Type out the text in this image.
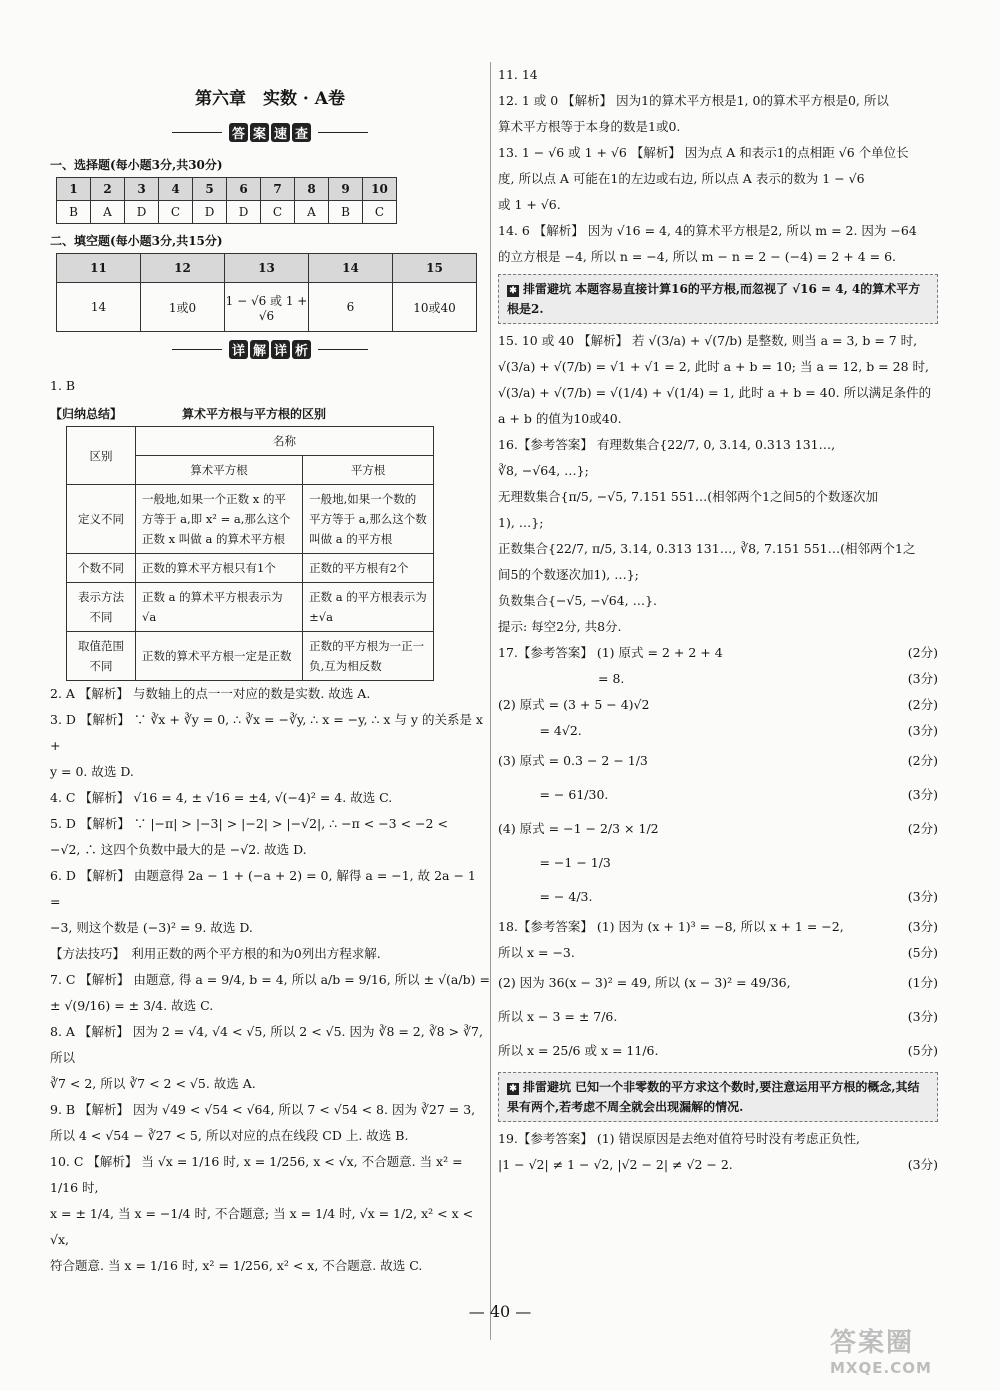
第六章　实数 · A卷
答 案 速 查
一、选择题(每小题3分,共30分)
1	2	3	4	5	6	7	8	9	10
B	A	D	C	D	D	C	A	B	C
二、填空题(每小题3分,共15分)
11	12	13	14	15
14	1或0	1 − √6 或 1 + √6	6	10或40
详 解 详 析

1. B

【归纳总结】	算术平方根与平方根的区别
区别	名称	
	算术平方根	平方根
定义不同	一般地,如果一个正数 x 的平方等于 a,即 x² = a,那么这个正数 x 叫做 a 的算术平方根	一般地,如果一个数的平方等于 a,那么这个数叫做 a 的平方根
个数不同	正数的算术平方根只有1个	正数的平方根有2个
表示方法不同	正数 a 的算术平方根表示为 √a	正数 a 的平方根表示为 ±√a
取值范围不同	正数的算术平方根一定是正数	正数的平方根为一正一负,互为相反数

2. A 【解析】 与数轴上的点一一对应的数是实数. 故选 A.

3. D 【解析】 ∵ ∛x + ∛y = 0, ∴ ∛x = −∛y, ∴ x = −y, ∴ x 与 y 的关系是 x +

y = 0. 故选 D.

4. C 【解析】 √16 = 4, ± √16 = ±4, √(−4)² = 4. 故选 C.

5. D 【解析】 ∵ |−π| > |−3| > |−2| > |−√2|, ∴ −π < −3 < −2 <

−√2, ∴ 这四个负数中最大的是 −√2. 故选 D.

6. D 【解析】 由题意得 2a − 1 + (−a + 2) = 0, 解得 a = −1, 故 2a − 1 =

−3, 则这个数是 (−3)² = 9. 故选 D.

【方法技巧】　利用正数的两个平方根的和为0列出方程求解.

7. C 【解析】 由题意, 得 a = 9/4, b = 4, 所以 a/b = 9/16, 所以 ± √(a/b) =

± √(9/16) = ± 3/4. 故选 C.

8. A 【解析】 因为 2 = √4, √4 < √5, 所以 2 < √5. 因为 ∛8 = 2, ∛8 > ∛7, 所以

∛7 < 2, 所以 ∛7 < 2 < √5. 故选 A.

9. B 【解析】 因为 √49 < √54 < √64, 所以 7 < √54 < 8. 因为 ∛27 = 3,

所以 4 < √54 − ∛27 < 5, 所以对应的点在线段 CD 上. 故选 B.

10. C 【解析】 当 √x = 1/16 时, x = 1/256, x < √x, 不合题意. 当 x² = 1/16 时,

x = ± 1/4, 当 x = −1/4 时, 不合题意; 当 x = 1/4 时, √x = 1/2, x² < x < √x,

符合题意. 当 x = 1/16 时, x² = 1/256, x² < x, 不合题意. 故选 C.

11. 14

12. 1 或 0 【解析】 因为1的算术平方根是1, 0的算术平方根是0, 所以

算术平方根等于本身的数是1或0.

13. 1 − √6 或 1 + √6 【解析】 因为点 A 和表示1的点相距 √6 个单位长

度, 所以点 A 可能在1的左边或右边, 所以点 A 表示的数为 1 − √6

或 1 + √6.

14. 6 【解析】 因为 √16 = 4, 4的算术平方根是2, 所以 m = 2. 因为 −64

的立方根是 −4, 所以 n = −4, 所以 m − n = 2 − (−4) = 2 + 4 = 6.

✱ 排雷避坑 本题容易直接计算16的平方根,而忽视了 √16 = 4, 4的算术平方根是2.

15. 10 或 40 【解析】 若 √(3/a) + √(7/b) 是整数, 则当 a = 3, b = 7 时,

√(3/a) + √(7/b) = √1 + √1 = 2, 此时 a + b = 10; 当 a = 12, b = 28 时,

√(3/a) + √(7/b) = √(1/4) + √(1/4) = 1, 此时 a + b = 40. 所以满足条件的

a + b 的值为10或40.

16.【参考答案】 有理数集合{22/7, 0, 3.14, 0.313 131…,

∛8, −√64, …};

无理数集合{π/5, −√5, 7.151 551…(相邻两个1之间5的个数逐次加

1), …};

正数集合{22/7, π/5, 3.14, 0.313 131…, ∛8, 7.151 551…(相邻两个1之

间5的个数逐次加1), …};

负数集合{−√5, −√64, …}.

提示: 每空2分, 共8分.

(2分)
17.【参考答案】 (1) 原式 = 2 + 2 + 4

(3分)
　　　　　　　　= 8.

(2分)
(2) 原式 = (3 + 5 − 4)√2

(3分)
　　　 = 4√2.

(2分)
(3) 原式 = 0.3 − 2 − 1/3

(3分)
　　　 = − 61/30.

(2分)
(4) 原式 = −1 − 2/3 × 1/2

　　　 = −1 − 1/3

(3分)
　　　 = − 4/3.

(3分)
18.【参考答案】 (1) 因为 (x + 1)³ = −8, 所以 x + 1 = −2,

(5分)
所以 x = −3.

(1分)
(2) 因为 36(x − 3)² = 49, 所以 (x − 3)² = 49/36,

(3分)
所以 x − 3 = ± 7/6.

(5分)
所以 x = 25/6 或 x = 11/6.

✱ 排雷避坑 已知一个非零数的平方求这个数时,要注意运用平方根的概念,其结果有两个,若考虑不周全就会出现漏解的情况.

19.【参考答案】 (1) 错误原因是去绝对值符号时没有考虑正负性,

(3分)
|1 − √2| ≠ 1 − √2, |√2 − 2| ≠ √2 − 2.

— 40 —
答案圈
MXQE.COM
